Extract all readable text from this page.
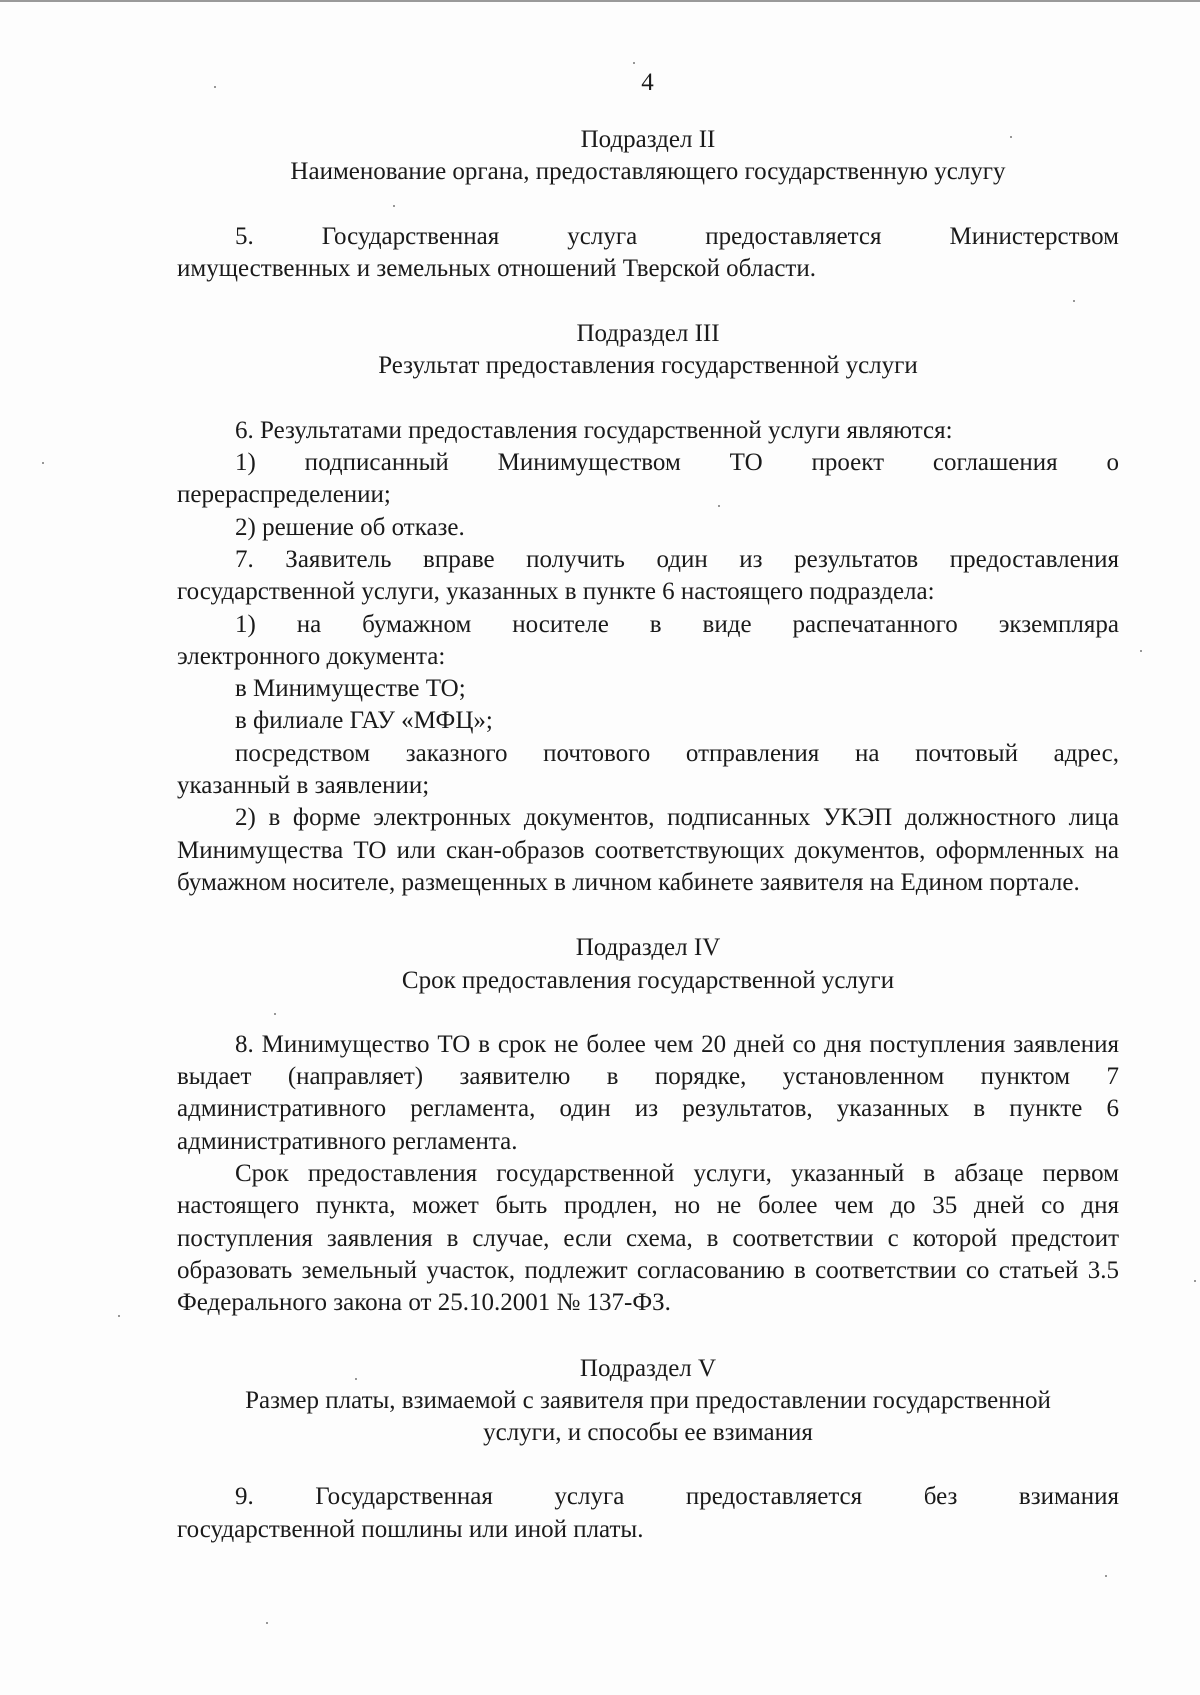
4

Подраздел II

Наименование органа, предоставляющего государственную услугу

5. Государственная услуга предоставляется Министерством

имущественных и земельных отношений Тверской области.

Подраздел III

Результат предоставления государственной услуги

6. Результатами предоставления государственной услуги являются:

1) подписанный Минимуществом ТО проект соглашения о

перераспределении;

2) решение об отказе.

7. Заявитель вправе получить один из результатов предоставления

государственной услуги, указанных в пункте 6 настоящего подраздела:

1) на бумажном носителе в виде распечатанного экземпляра

электронного документа:

в Минимуществе ТО;

в филиале ГАУ «МФЦ»;

посредством заказного почтового отправления на почтовый адрес,

указанный в заявлении;

2) в форме электронных документов, подписанных УКЭП должностного лица Минимущества ТО или скан-образов соответствующих документов, оформленных на бумажном носителе, размещенных в личном кабинете заявителя на Едином портале.

Подраздел IV

Срок предоставления государственной услуги

8. Минимущество ТО в срок не более чем 20 дней со дня поступления заявления выдает (направляет) заявителю в порядке, установленном пунктом 7 административного регламента, один из результатов, указанных в пункте 6 административного регламента.

Срок предоставления государственной услуги, указанный в абзаце первом настоящего пункта, может быть продлен, но не более чем до 35 дней со дня поступления заявления в случае, если схема, в соответствии с которой предстоит образовать земельный участок, подлежит согласованию в соответствии со статьей 3.5 Федерального закона от 25.10.2001 № 137-ФЗ.

Подраздел V

Размер платы, взимаемой с заявителя при предоставлении государственной

услуги, и способы ее взимания

9. Государственная услуга предоставляется без взимания

государственной пошлины или иной платы.
